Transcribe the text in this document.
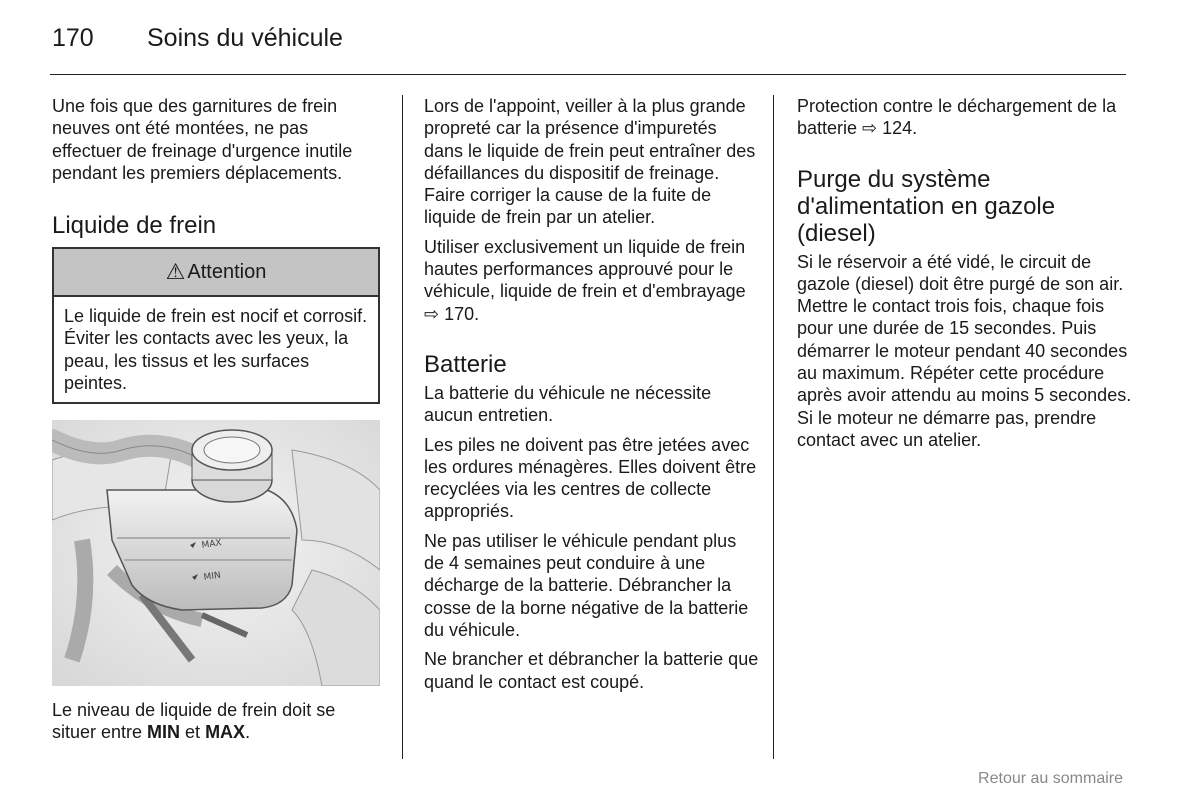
170 Soins du véhicule

Une fois que des garnitures de frein neuves ont été montées, ne pas effectuer de freinage d'urgence inutile pendant les premiers déplacements.

Liquide de frein
⚠ Attention
Le liquide de frein est nocif et corrosif. Éviter les contacts avec les yeux, la peau, les tissus et les surfaces peintes.
MAX
MIN
Le niveau de liquide de frein doit se situer entre MIN et MAX.

Lors de l'appoint, veiller à la plus grande propreté car la présence d'impuretés dans le liquide de frein peut entraîner des défaillances du dispositif de freinage. Faire corriger la cause de la fuite de liquide de frein par un atelier.

Utiliser exclusivement un liquide de frein hautes performances approuvé pour le véhicule, liquide de frein et d'embrayage ⇨ 170.

Batterie

La batterie du véhicule ne nécessite aucun entretien.

Les piles ne doivent pas être jetées avec les ordures ménagères. Elles doivent être recyclées via les centres de collecte appropriés.

Ne pas utiliser le véhicule pendant plus de 4 semaines peut conduire à une décharge de la batterie. Débrancher la cosse de la borne négative de la batterie du véhicule.

Ne brancher et débrancher la batterie que quand le contact est coupé.

Protection contre le déchargement de la batterie ⇨ 124.

Purge du système d'alimentation en gazole (diesel)

Si le réservoir a été vidé, le circuit de gazole (diesel) doit être purgé de son air. Mettre le contact trois fois, chaque fois pour une durée de 15 secondes. Puis démarrer le moteur pendant 40 secondes au maximum. Répéter cette procédure après avoir attendu au moins 5 secondes. Si le moteur ne démarre pas, prendre contact avec un atelier.

Retour au sommaire
